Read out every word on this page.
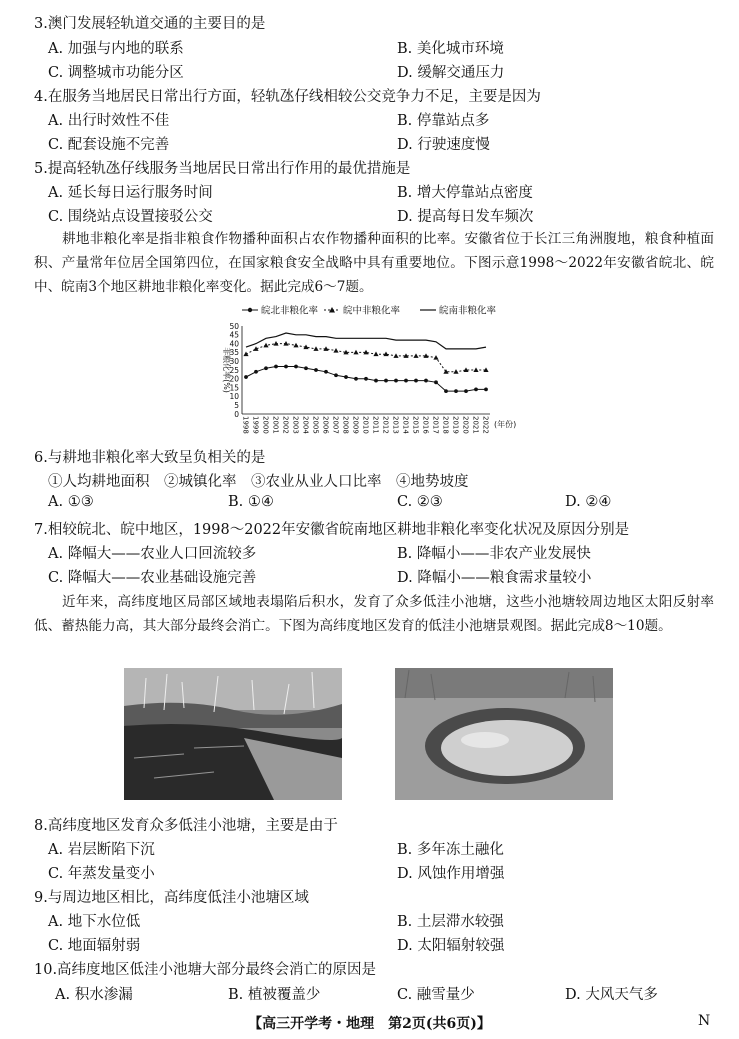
3.澳门发展轻轨道交通的主要目的是
A. 加强与内地的联系	B. 美化城市环境
C. 调整城市功能分区	D. 缓解交通压力
4.在服务当地居民日常出行方面，轻轨氹仔线相较公交竞争力不足，主要是因为
A. 出行时效性不佳	B. 停靠站点多
C. 配套设施不完善	D. 行驶速度慢
5.提高轻轨氹仔线服务当地居民日常出行作用的最优措施是
A. 延长每日运行服务时间	B. 增大停靠站点密度
C. 围绕站点设置接驳公交	D. 提高每日发车频次
耕地非粮化率是指非粮食作物播种面积占农作物播种面积的比率。安徽省位于长江三角洲腹地，粮食种植面积、产量常年位居全国第四位，在国家粮食安全战略中具有重要地位。下图示意1998～2022年安徽省皖北、皖中、皖南3个地区耕地非粮化率变化。据此完成6～7题。
皖北非粮化率	皖中非粮化率	皖南非粮化率
0
5
10
15
20
25
30
35
40
45
50
非粮化率(%)
1998 1999 2000 2001 2002 2003 2004 2005 2006 2007 2008 2009 2010 2011 2012 2013 2014 2015 2016 2017 2018 2019 2020 2021 2022 (年份)
6.与耕地非粮化率大致呈负相关的是
①人均耕地面积　②城镇化率　③农业从业人口比率　④地势坡度
A. ①③	B. ①④	C. ②③	D. ②④
7.相较皖北、皖中地区，1998～2022年安徽省皖南地区耕地非粮化率变化状况及原因分别是
A. 降幅大——农业人口回流较多	B. 降幅小——非农产业发展快
C. 降幅大——农业基础设施完善	D. 降幅小——粮食需求量较小
近年来，高纬度地区局部区域地表塌陷后积水，发育了众多低洼小池塘，这些小池塘较周边地区太阳反射率低、蓄热能力高，其大部分最终会消亡。下图为高纬度地区发育的低洼小池塘景观图。据此完成8～10题。
8.高纬度地区发育众多低洼小池塘，主要是由于
A. 岩层断陷下沉	B. 多年冻土融化
C. 年蒸发量变小	D. 风蚀作用增强
9.与周边地区相比，高纬度低洼小池塘区域
A. 地下水位低	B. 土层滞水较强
C. 地面辐射弱	D. 太阳辐射较强
10.高纬度地区低洼小池塘大部分最终会消亡的原因是
A. 积水渗漏	B. 植被覆盖少	C. 融雪量少	D. 大风天气多
【高三开学考・地理　第2页(共6页)】	N
